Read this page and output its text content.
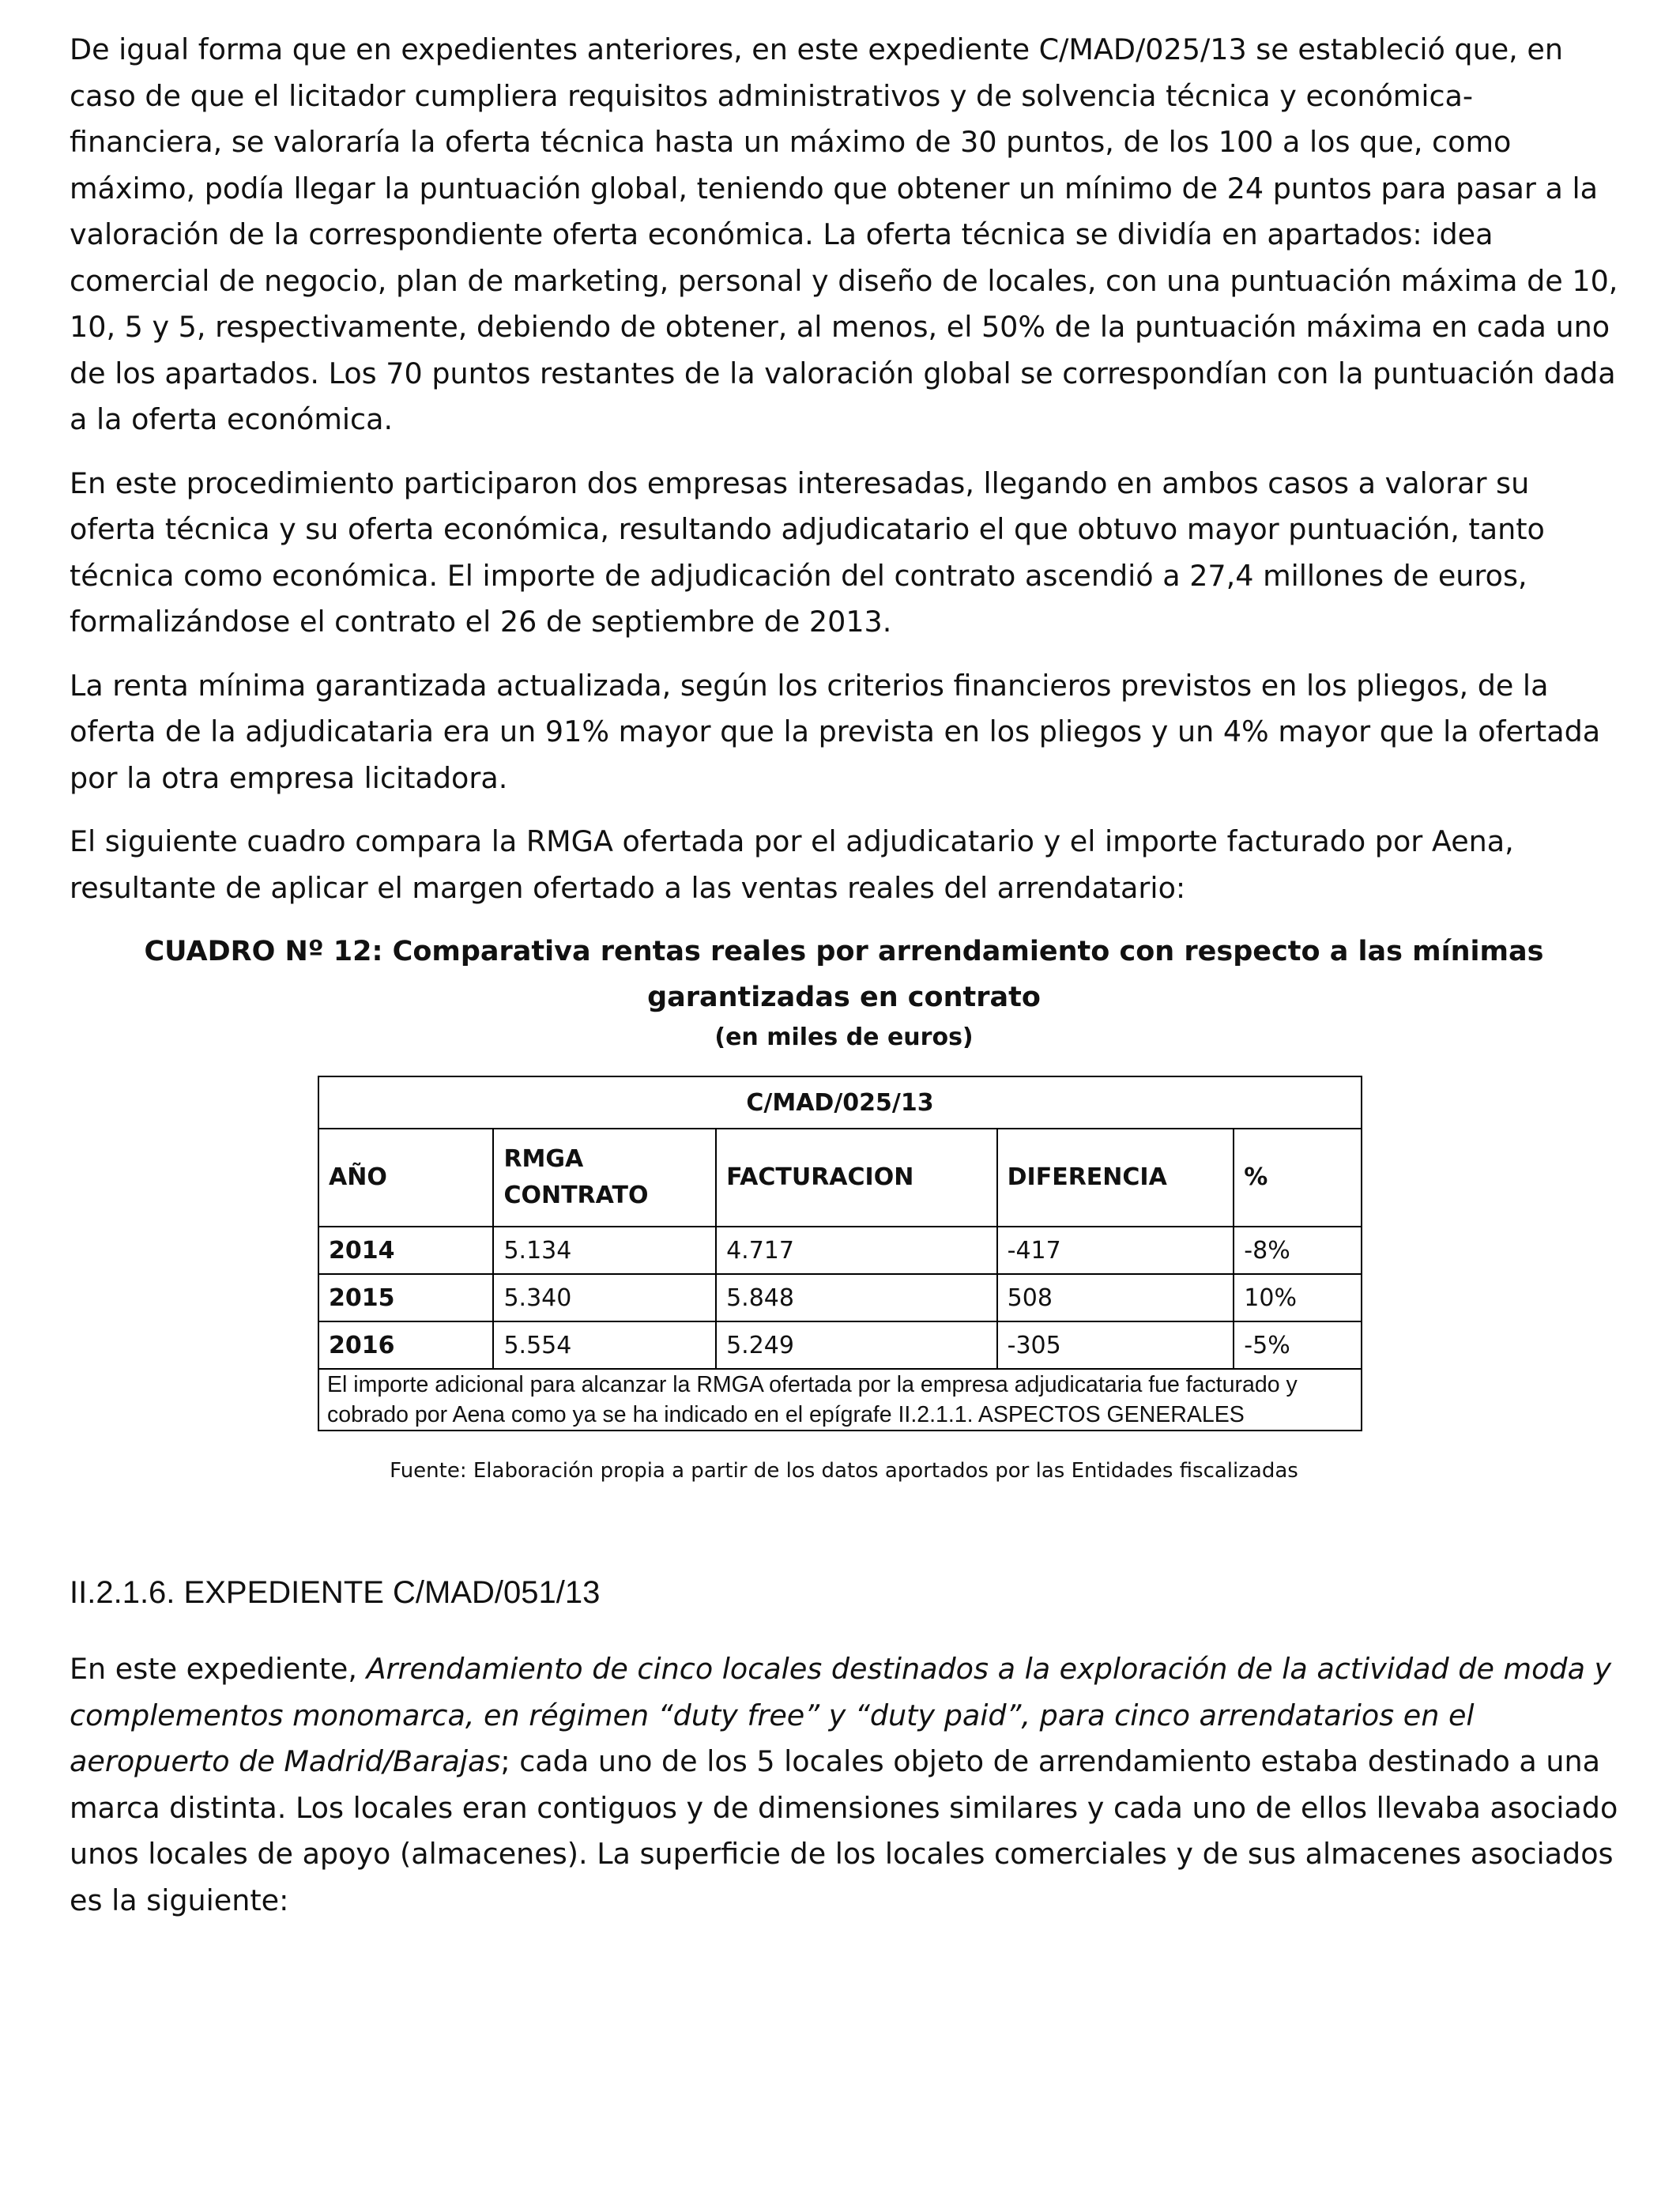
De igual forma que en expedientes anteriores, en este expediente C/MAD/025/13 se estableció que, en caso de que el licitador cumpliera requisitos administrativos y de solvencia técnica y económica-financiera, se valoraría la oferta técnica hasta un máximo de 30 puntos, de los 100 a los que, como máximo, podía llegar la puntuación global, teniendo que obtener un mínimo de 24 puntos para pasar a la valoración de la correspondiente oferta económica. La oferta técnica se dividía en apartados: idea comercial de negocio, plan de marketing, personal y diseño de locales, con una puntuación máxima de 10, 10, 5 y 5, respectivamente, debiendo de obtener, al menos, el 50% de la puntuación máxima en cada uno de los apartados. Los 70 puntos restantes de la valoración global se correspondían con la puntuación dada a la oferta económica.

En este procedimiento participaron dos empresas interesadas, llegando en ambos casos a valorar su oferta técnica y su oferta económica, resultando adjudicatario el que obtuvo mayor puntuación, tanto técnica como económica. El importe de adjudicación del contrato ascendió a 27,4 millones de euros, formalizándose el contrato el 26 de septiembre de 2013.

La renta mínima garantizada actualizada, según los criterios financieros previstos en los pliegos, de la oferta de la adjudicataria era un 91% mayor que la prevista en los pliegos y un 4% mayor que la ofertada por la otra empresa licitadora.

El siguiente cuadro compara la RMGA ofertada por el adjudicatario y el importe facturado por Aena, resultante de aplicar el margen ofertado a las ventas reales del arrendatario:

CUADRO Nº 12: Comparativa rentas reales por arrendamiento con respecto a las mínimas garantizadas en contrato
(en miles de euros)
C/MAD/025/13				
AÑO	RMGA CONTRATO	FACTURACION	DIFERENCIA	%
2014	5.134	4.717	-417	-8%
2015	5.340	5.848	508	10%
2016	5.554	5.249	-305	-5%
El importe adicional para alcanzar la RMGA ofertada por la empresa adjudicataria fue facturado y cobrado por Aena como ya se ha indicado en el epígrafe II.2.1.1. ASPECTOS GENERALES				
Fuente: Elaboración propia a partir de los datos aportados por las Entidades fiscalizadas
II.2.1.6. EXPEDIENTE C/MAD/051/13

En este expediente, Arrendamiento de cinco locales destinados a la exploración de la actividad de moda y complementos monomarca, en régimen “duty free” y “duty paid”, para cinco arrendatarios en el aeropuerto de Madrid/Barajas; cada uno de los 5 locales objeto de arrendamiento estaba destinado a una marca distinta. Los locales eran contiguos y de dimensiones similares y cada uno de ellos llevaba asociado unos locales de apoyo (almacenes). La superficie de los locales comerciales y de sus almacenes asociados es la siguiente:
